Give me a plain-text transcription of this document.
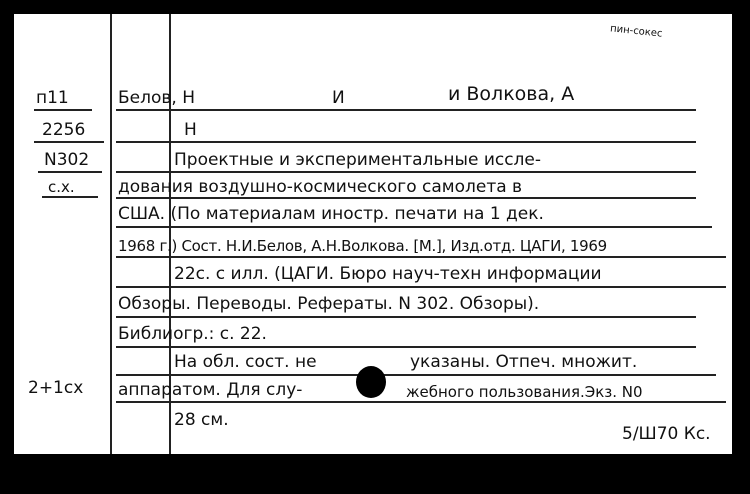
пин-сокес
п11
2256
N302
с.х.
2+1сх
Белов, Н	И	и Волкова, А
Н
Проектные и экспериментальные иссле-
дования воздушно-космического самолета в
США. (По материалам иностр. печати на 1 дек.
1968 г.) Сост. Н.И.Белов, А.Н.Волкова. [М.], Изд.отд. ЦАГИ, 1969
22с. с илл. (ЦАГИ. Бюро науч-техн информации
Обзоры. Переводы. Рефераты. N 302. Обзоры).
Библиогр.: с. 22.
На обл. сост. не	указаны. Отпеч. множит.
аппаратом. Для слу-	жебного пользования.Экз. N0
28 см.
5/Ш70 Кс.
